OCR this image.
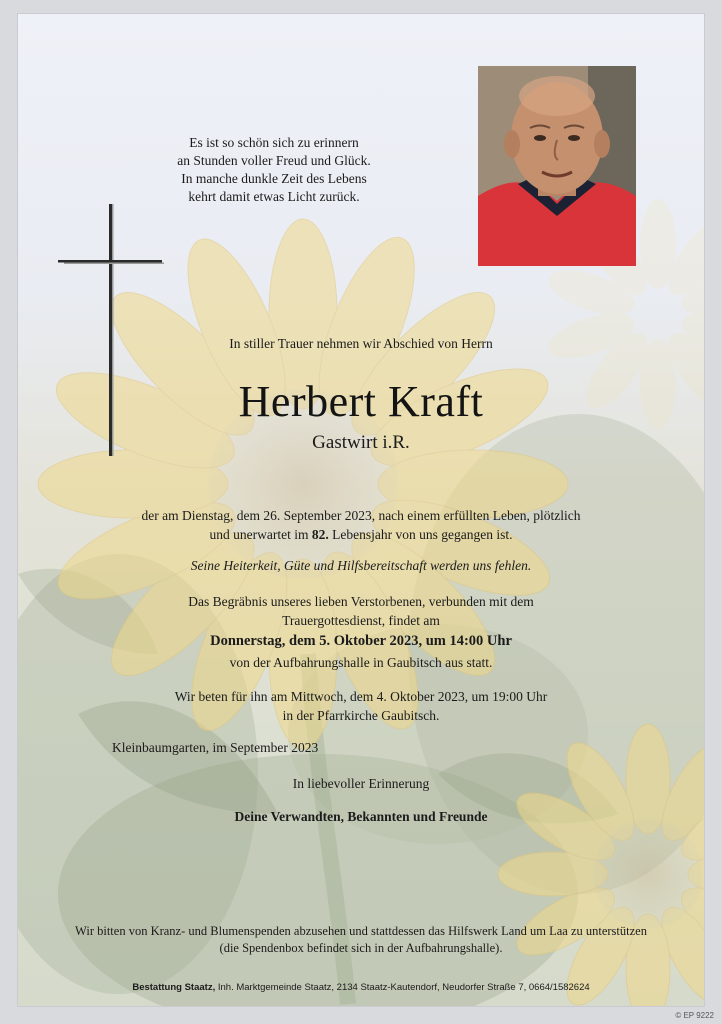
Es ist so schön sich zu erinnern
an Stunden voller Freud und Glück.
In manche dunkle Zeit des Lebens
kehrt damit etwas Licht zurück.
In stiller Trauer nehmen wir Abschied von Herrn
Herbert Kraft
Gastwirt i.R.
der am Dienstag, dem 26. September 2023, nach einem erfüllten Leben, plötzlich
und unerwartet im 82. Lebensjahr von uns gegangen ist.
Seine Heiterkeit, Güte und Hilfsbereitschaft werden uns fehlen.
Das Begräbnis unseres lieben Verstorbenen, verbunden mit dem
Trauergottesdienst, findet am
Donnerstag, dem 5. Oktober 2023, um 14:00 Uhr
von der Aufbahrungshalle in Gaubitsch aus statt.
Wir beten für ihn am Mittwoch, dem 4. Oktober 2023, um 19:00 Uhr
in der Pfarrkirche Gaubitsch.
Kleinbaumgarten, im September 2023
In liebevoller Erinnerung
Deine Verwandten, Bekannten und Freunde
Wir bitten von Kranz- und Blumenspenden abzusehen und stattdessen das Hilfswerk Land um Laa zu unterstützen
(die Spendenbox befindet sich in der Aufbahrungshalle).
Bestattung Staatz, Inh. Marktgemeinde Staatz, 2134 Staatz-Kautendorf, Neudorfer Straße 7, 0664/1582624
© EP 9222
